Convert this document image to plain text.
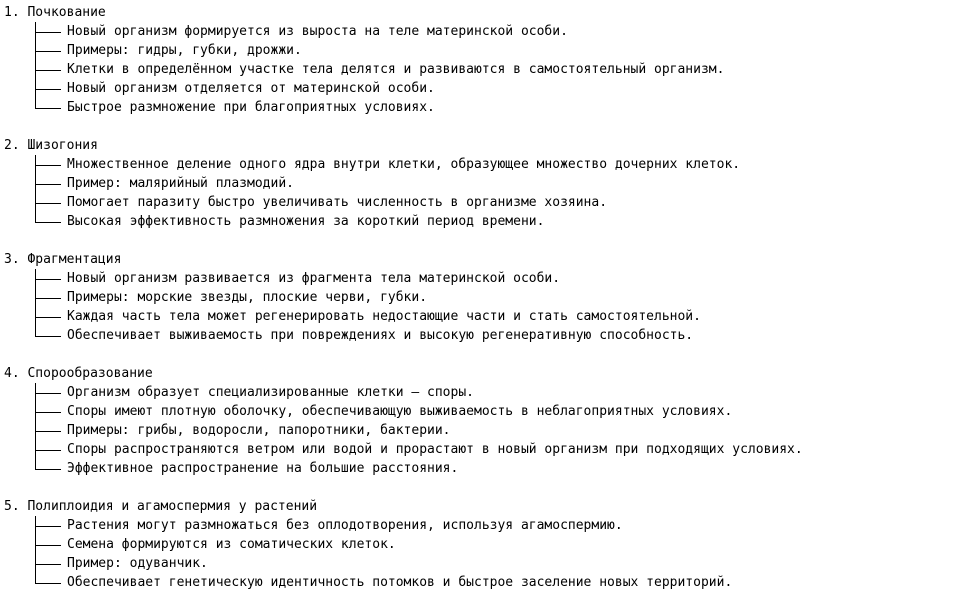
1. Почкование
Новый организм формируется из выроста на теле материнской особи.
Примеры: гидры, губки, дрожжи.
Клетки в определённом участке тела делятся и развиваются в самостоятельный организм.
Новый организм отделяется от материнской особи.
Быстрое размножение при благоприятных условиях.
2. Шизогония
Множественное деление одного ядра внутри клетки, образующее множество дочерних клеток.
Пример: малярийный плазмодий.
Помогает паразиту быстро увеличивать численность в организме хозяина.
Высокая эффективность размножения за короткий период времени.
3. Фрагментация
Новый организм развивается из фрагмента тела материнской особи.
Примеры: морские звезды, плоские черви, губки.
Каждая часть тела может регенерировать недостающие части и стать самостоятельной.
Обеспечивает выживаемость при повреждениях и высокую регенеративную способность.
4. Спорообразование
Организм образует специализированные клетки — споры.
Споры имеют плотную оболочку, обеспечивающую выживаемость в неблагоприятных условиях.
Примеры: грибы, водоросли, папоротники, бактерии.
Споры распространяются ветром или водой и прорастают в новый организм при подходящих условиях.
Эффективное распространение на большие расстояния.
5. Полиплоидия и агамоспермия у растений
Растения могут размножаться без оплодотворения, используя агамоспермию.
Семена формируются из соматических клеток.
Пример: одуванчик.
Обеспечивает генетическую идентичность потомков и быстрое заселение новых территорий.
